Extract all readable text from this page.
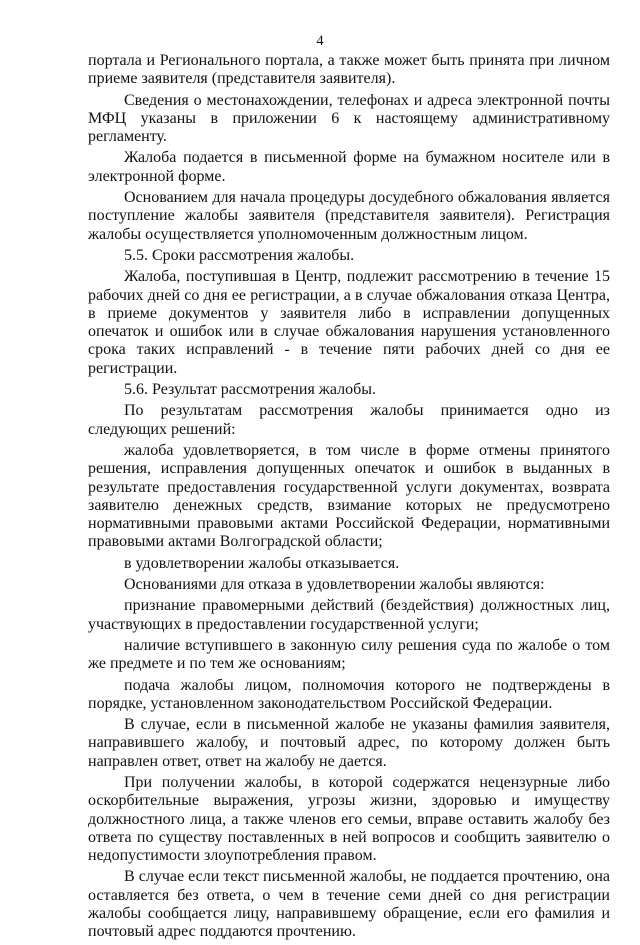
4

портала и Регионального портала, а также может быть принята при личном приеме заявителя (представителя заявителя).

Сведения о местонахождении, телефонах и адреса электронной почты МФЦ указаны в приложении 6 к настоящему административному регламенту.

Жалоба подается в письменной форме на бумажном носителе или в электронной форме.

Основанием для начала процедуры досудебного обжалования является поступление жалобы заявителя (представителя заявителя). Регистрация жалобы осуществляется уполномоченным должностным лицом.

5.5. Сроки рассмотрения жалобы.

Жалоба, поступившая в Центр, подлежит рассмотрению в течение 15 рабочих дней со дня ее регистрации, а в случае обжалования отказа Центра, в приеме документов у заявителя либо в исправлении допущенных опечаток и ошибок или в случае обжалования нарушения установленного срока таких исправлений - в течение пяти рабочих дней со дня ее регистрации.

5.6. Результат рассмотрения жалобы.

По результатам рассмотрения жалобы принимается одно из следующих решений:

жалоба удовлетворяется, в том числе в форме отмены принятого решения, исправления допущенных опечаток и ошибок в выданных в результате предоставления государственной услуги документах, возврата заявителю денежных средств, взимание которых не предусмотрено нормативными правовыми актами Российской Федерации, нормативными правовыми актами Волгоградской области;

в удовлетворении жалобы отказывается.

Основаниями для отказа в удовлетворении жалобы являются:

признание правомерными действий (бездействия) должностных лиц, участвующих в предоставлении государственной услуги;

наличие вступившего в законную силу решения суда по жалобе о том же предмете и по тем же основаниям;

подача жалобы лицом, полномочия которого не подтверждены в порядке, установленном законодательством Российской Федерации.

В случае, если в письменной жалобе не указаны фамилия заявителя, направившего жалобу, и почтовый адрес, по которому должен быть направлен ответ, ответ на жалобу не дается.

При получении жалобы, в которой содержатся нецензурные либо оскорбительные выражения, угрозы жизни, здоровью и имуществу должностного лица, а также членов его семьи, вправе оставить жалобу без ответа по существу поставленных в ней вопросов и сообщить заявителю о недопустимости злоупотребления правом.

В случае если текст письменной жалобы, не поддается прочтению, она оставляется без ответа, о чем в течение семи дней со дня регистрации жалобы сообщается лицу, направившему обращение, если его фамилия и почтовый адрес поддаются прочтению.
